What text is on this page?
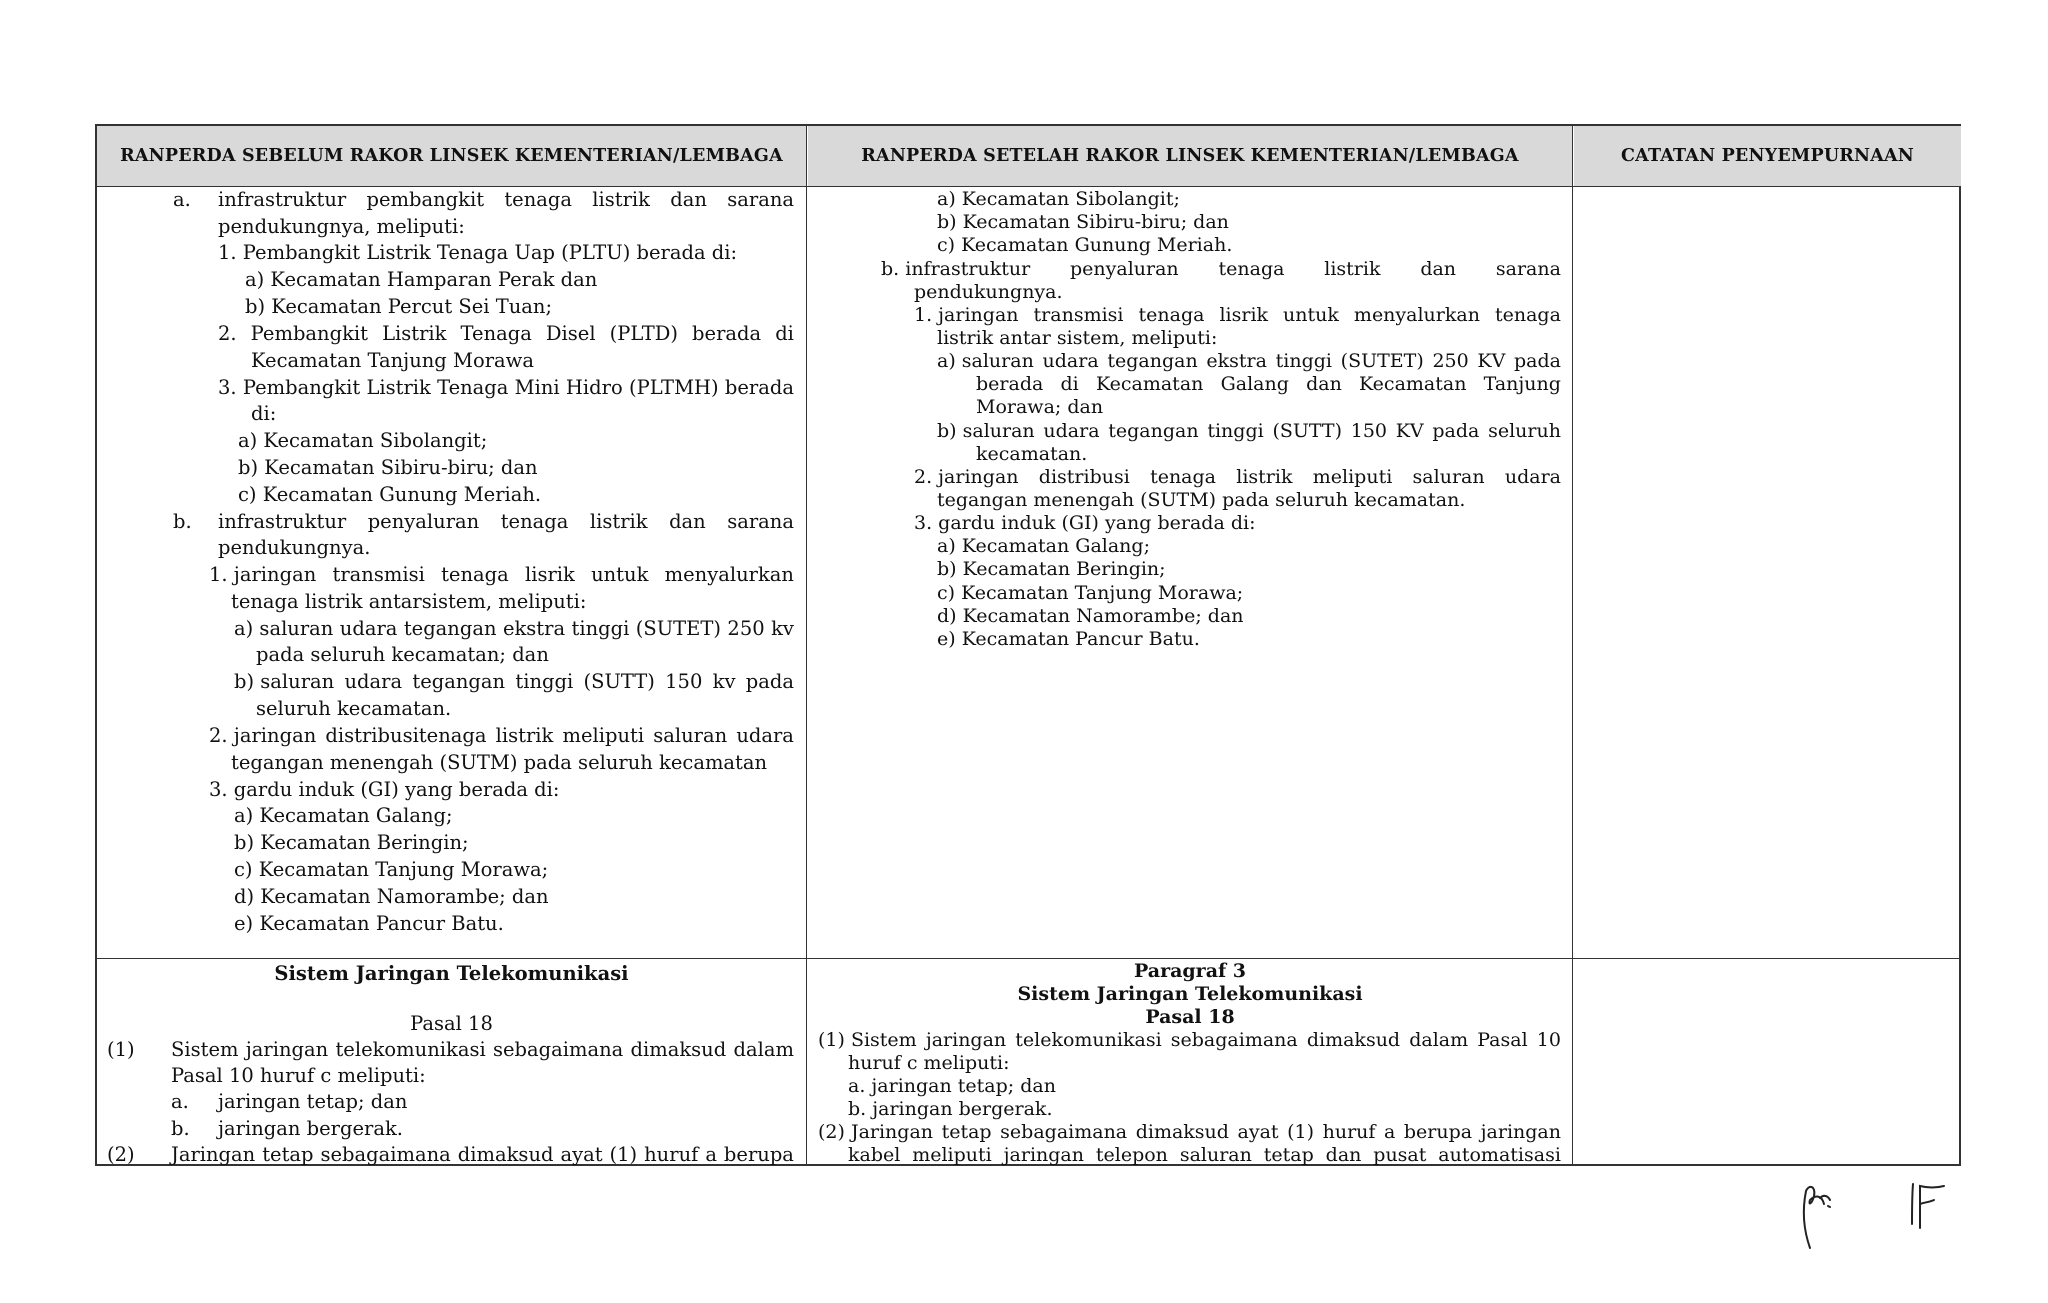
RANPERDA SEBELUM RAKOR LINSEK KEMENTERIAN/LEMBAGA	RANPERDA SETELAH RAKOR LINSEK KEMENTERIAN/LEMBAGA	CATATAN PENYEMPURNAAN
a. infrastruktur pembangkit tenaga listrik dan sarana
pendukungnya, meliputi:
1. Pembangkit Listrik Tenaga Uap (PLTU) berada di:
a) Kecamatan Hamparan Perak dan
b) Kecamatan Percut Sei Tuan;
2. Pembangkit Listrik Tenaga Disel (PLTD) berada di
Kecamatan Tanjung Morawa
3. Pembangkit Listrik Tenaga Mini Hidro (PLTMH) berada
di:
a) Kecamatan Sibolangit;
b) Kecamatan Sibiru-biru; dan
c) Kecamatan Gunung Meriah.
b. infrastruktur penyaluran tenaga listrik dan sarana
pendukungnya.
1. jaringan transmisi tenaga lisrik untuk menyalurkan
tenaga listrik antarsistem, meliputi:
a) saluran udara tegangan ekstra tinggi (SUTET) 250 kv
pada seluruh kecamatan; dan
b) saluran udara tegangan tinggi (SUTT) 150 kv pada
seluruh kecamatan.
2. jaringan distribusitenaga listrik meliputi saluran udara
tegangan menengah (SUTM) pada seluruh kecamatan
3. gardu induk (GI) yang berada di:
a) Kecamatan Galang;
b) Kecamatan Beringin;
c) Kecamatan Tanjung Morawa;
d) Kecamatan Namorambe; dan
e) Kecamatan Pancur Batu.
a) Kecamatan Sibolangit;
b) Kecamatan Sibiru-biru; dan
c) Kecamatan Gunung Meriah.
b. infrastruktur penyaluran tenaga listrik dan sarana
pendukungnya.
1. jaringan transmisi tenaga lisrik untuk menyalurkan tenaga
listrik antar sistem, meliputi:
a) saluran udara tegangan ekstra tinggi (SUTET) 250 KV pada
berada di Kecamatan Galang dan Kecamatan Tanjung
Morawa; dan
b) saluran udara tegangan tinggi (SUTT) 150 KV pada seluruh
kecamatan.
2. jaringan distribusi tenaga listrik meliputi saluran udara
tegangan menengah (SUTM) pada seluruh kecamatan.
3. gardu induk (GI) yang berada di:
a) Kecamatan Galang;
b) Kecamatan Beringin;
c) Kecamatan Tanjung Morawa;
d) Kecamatan Namorambe; dan
e) Kecamatan Pancur Batu.
Sistem Jaringan Telekomunikasi
Pasal 18
(1) Sistem jaringan telekomunikasi sebagaimana dimaksud dalam
Pasal 10 huruf c meliputi:
a. jaringan tetap; dan
b. jaringan bergerak.
(2) Jaringan tetap sebagaimana dimaksud ayat (1) huruf a berupa
Paragraf 3
Sistem Jaringan Telekomunikasi
Pasal 18
(1) Sistem jaringan telekomunikasi sebagaimana dimaksud dalam Pasal 10
huruf c meliputi:
a. jaringan tetap; dan
b. jaringan bergerak.
(2) Jaringan tetap sebagaimana dimaksud ayat (1) huruf a berupa jaringan
kabel meliputi jaringan telepon saluran tetap dan pusat automatisasi
